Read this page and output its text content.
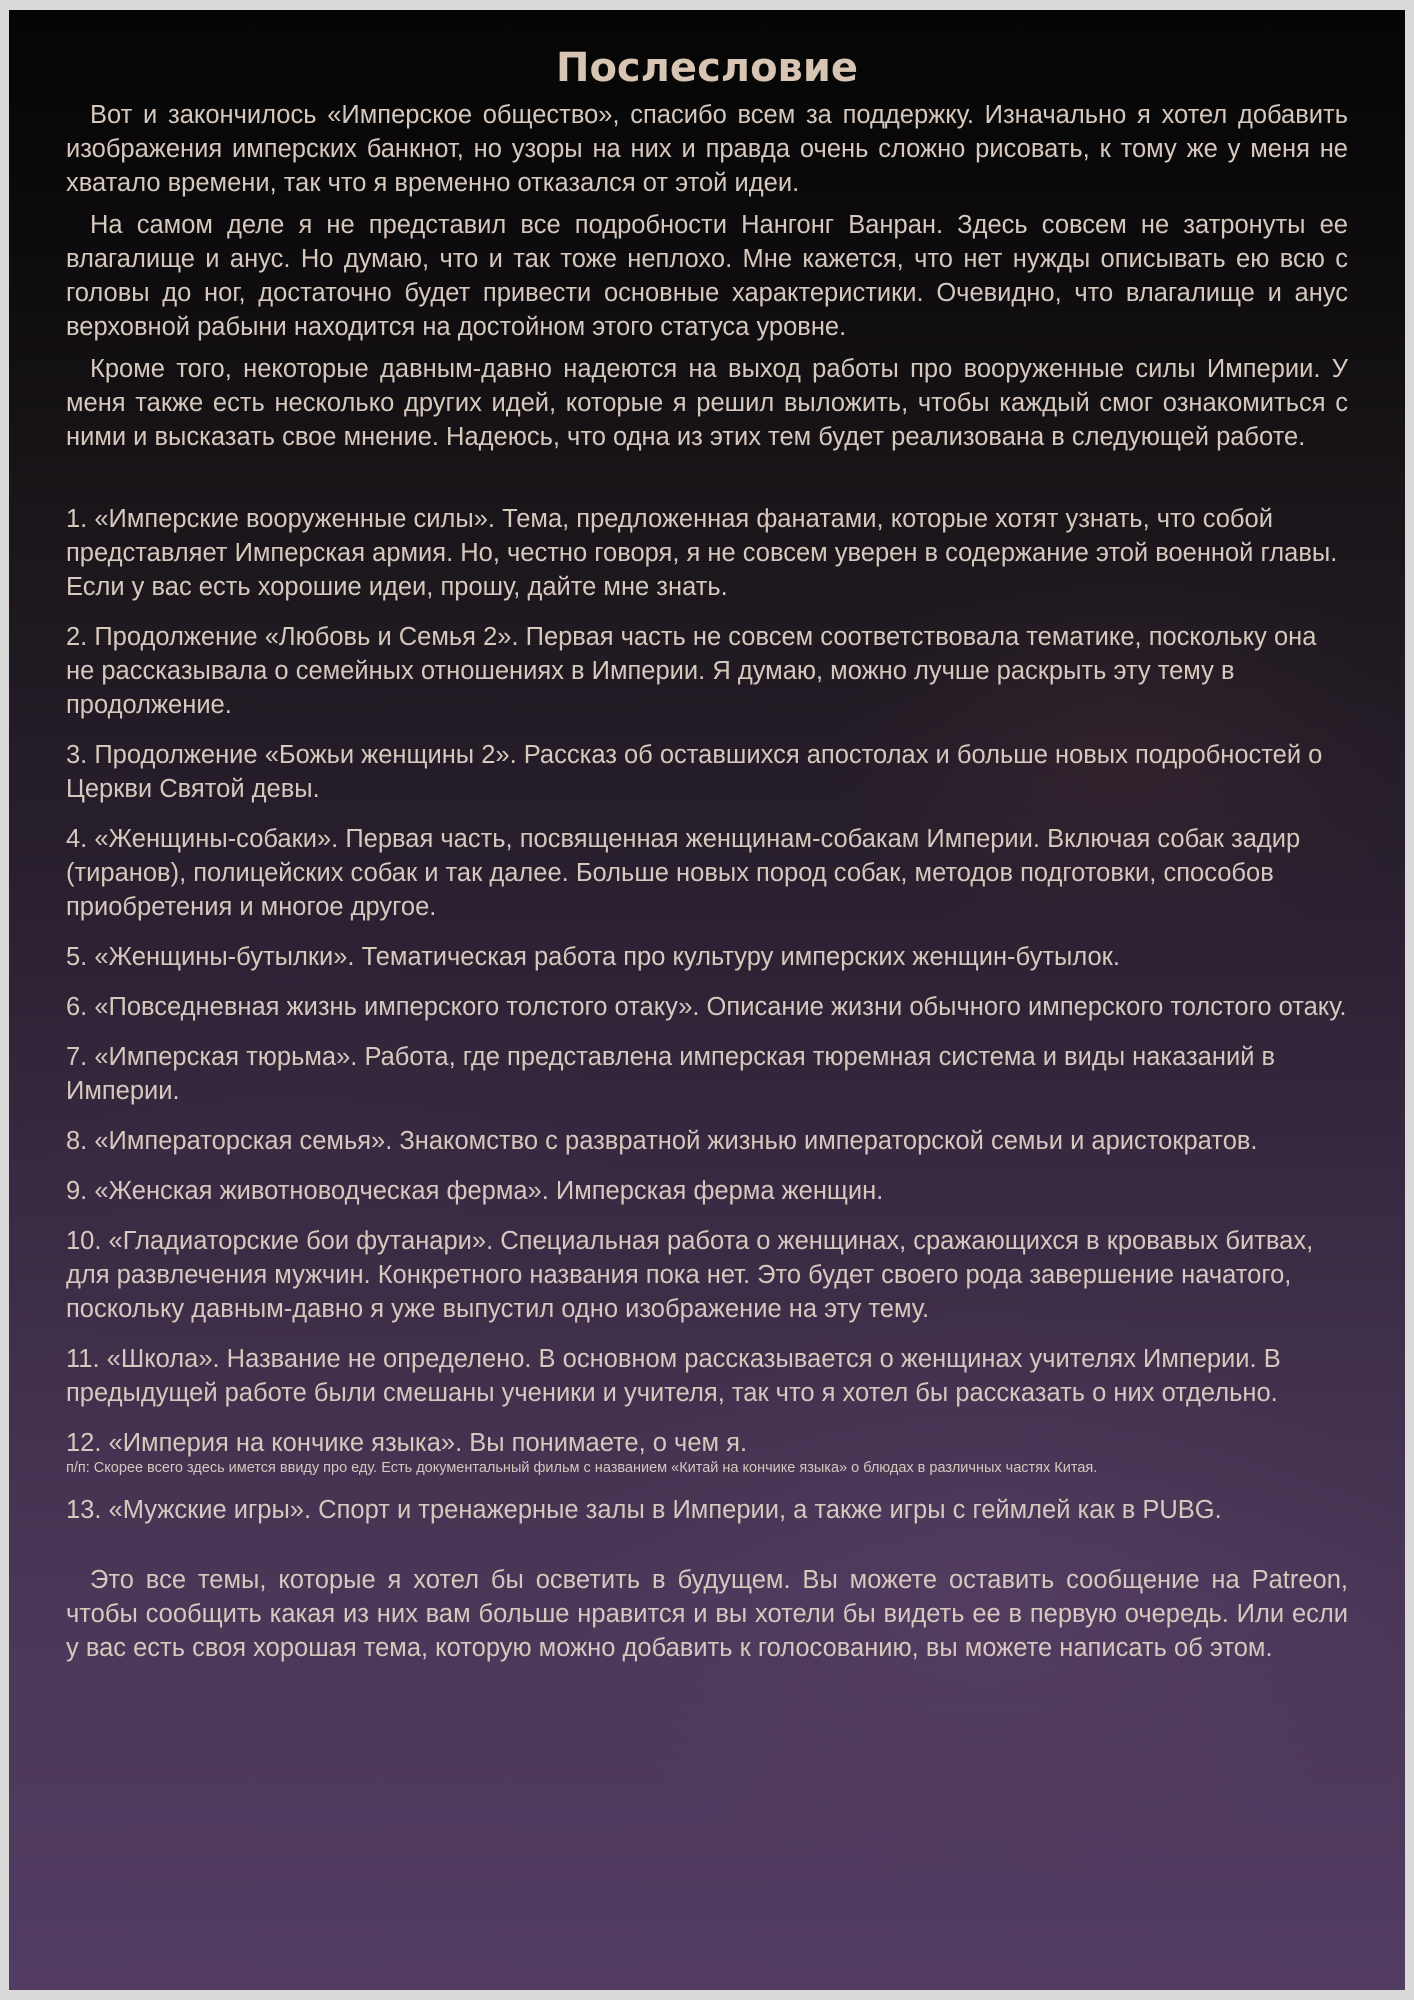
Послесловие

Вот и закончилось «Имперское общество», спасибо всем за поддержку. Изначально я хотел добавить изображения имперских банкнот, но узоры на них и правда очень сложно рисовать, к тому же у меня не хватало времени, так что я временно отказался от этой идеи.

На самом деле я не представил все подробности Нангонг Ванран. Здесь совсем не затронуты ее влагалище и анус. Но думаю, что и так тоже неплохо. Мне кажется, что нет нужды описывать ею всю с головы до ног, достаточно будет привести основные характеристики. Очевидно, что влагалище и анус верховной рабыни находится на достойном этого статуса уровне.

Кроме того, некоторые давным-давно надеются на выход работы про вооруженные силы Империи. У меня также есть несколько других идей, которые я решил выложить, чтобы каждый смог ознакомиться с ними и высказать свое мнение. Надеюсь, что одна из этих тем будет реализована в следующей работе.

1. «Имперские вооруженные силы». Тема, предложенная фанатами, которые хотят узнать, что собой представляет Имперская армия. Но, честно говоря, я не совсем уверен в содержание этой военной главы. Если у вас есть хорошие идеи, прошу, дайте мне знать.
2. Продолжение «Любовь и Семья 2». Первая часть не совсем соответствовала тематике, поскольку она не рассказывала о семейных отношениях в Империи. Я думаю, можно лучше раскрыть эту тему в продолжение.
3. Продолжение «Божьи женщины 2». Рассказ об оставшихся апостолах и больше новых подробностей о Церкви Святой девы.
4. «Женщины-собаки». Первая часть, посвященная женщинам-собакам Империи. Включая собак задир (тиранов), полицейских собак и так далее. Больше новых пород собак, методов подготовки, способов приобретения и многое другое.
5. «Женщины-бутылки». Тематическая работа про культуру имперских женщин-бутылок.
6. «Повседневная жизнь имперского толстого отаку». Описание жизни обычного имперского толстого отаку.
7. «Имперская тюрьма». Работа, где представлена имперская тюремная система и виды наказаний в Империи.
8. «Императорская семья». Знакомство с развратной жизнью императорской семьи и аристократов.
9. «Женская животноводческая ферма». Имперская ферма женщин.
10. «Гладиаторские бои футанари». Специальная работа о женщинах, сражающихся в кровавых битвах, для развлечения мужчин. Конкретного названия пока нет. Это будет своего рода завершение начатого, поскольку давным-давно я уже выпустил одно изображение на эту тему.
11. «Школа». Название не определено. В основном рассказывается о женщинах учителях Империи. В предыдущей работе были смешаны ученики и учителя, так что я хотел бы рассказать о них отдельно.
12. «Империя на кончике языка». Вы понимаете, о чем я.
п/п: Скорее всего здесь имется ввиду про еду. Есть документальный фильм с названием «Китай на кончике языка» о блюдах в различных частях Китая.
13. «Мужские игры». Спорт и тренажерные залы в Империи, а также игры с геймлей как в PUBG.

Это все темы, которые я хотел бы осветить в будущем. Вы можете оставить сообщение на Patreon, чтобы сообщить какая из них вам больше нравится и вы хотели бы видеть ее в первую очередь. Или если у вас есть своя хорошая тема, которую можно добавить к голосованию, вы можете написать об этом.
